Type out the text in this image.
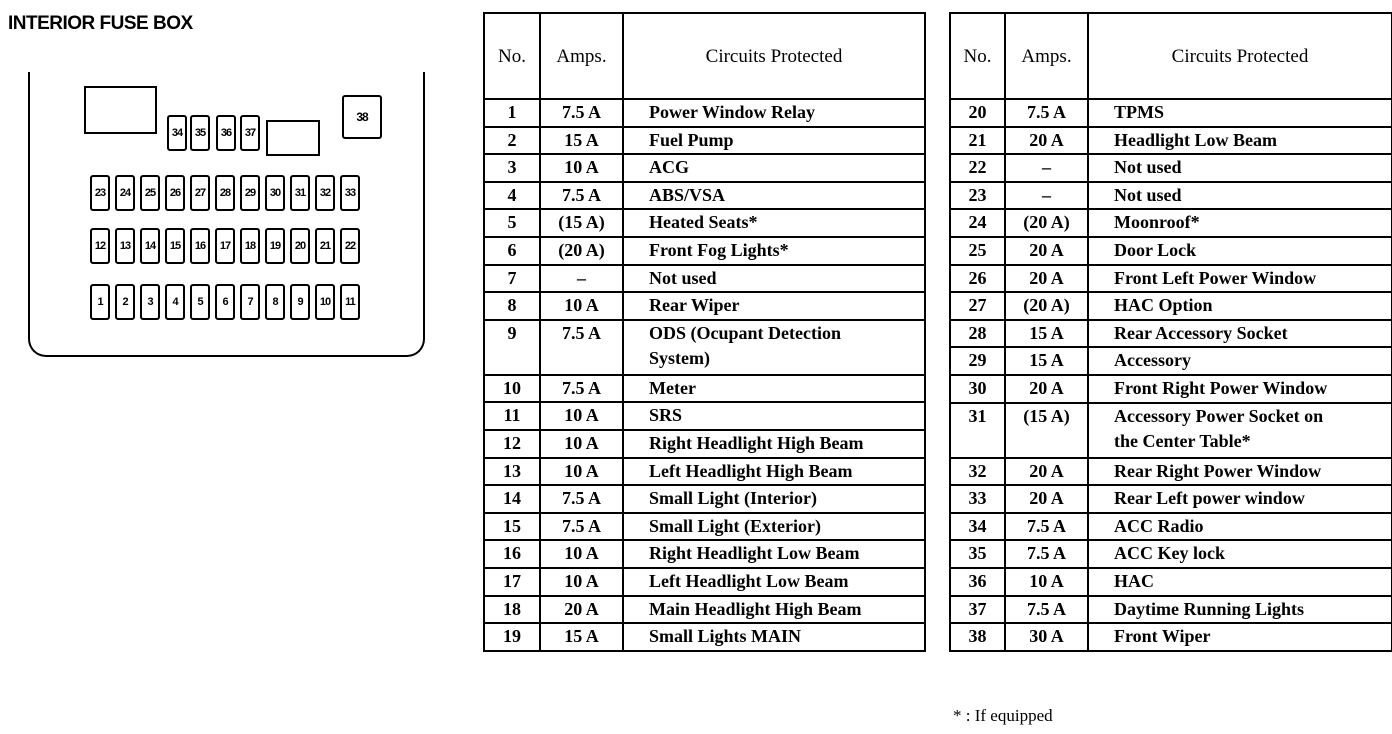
INTERIOR FUSE BOX
38
34	35	36	37
23	24	25	26	27	28	29	30	31	32	33
12	13	14	15	16	17	18	19	20	21	22
1	2	3	4	5	6	7	8	9	10	11
No.	Amps.	Circuits Protected
1	7.5 A	Power Window Relay
2	15 A	Fuel Pump
3	10 A	ACG
4	7.5 A	ABS/VSA
5	(15 A)	Heated Seats*
6	(20 A)	Front Fog Lights*
7	–	Not used
8	10 A	Rear Wiper
9	7.5 A	ODS (Ocupant Detection
System)

10	7.5 A	Meter
11	10 A	SRS
12	10 A	Right Headlight High Beam
13	10 A	Left Headlight High Beam
14	7.5 A	Small Light (Interior)
15	7.5 A	Small Light (Exterior)
16	10 A	Right Headlight Low Beam
17	10 A	Left Headlight Low Beam
18	20 A	Main Headlight High Beam
19	15 A	Small Lights MAIN
No.	Amps.	Circuits Protected
20	7.5 A	TPMS
21	20 A	Headlight Low Beam
22	–	Not used
23	–	Not used
24	(20 A)	Moonroof*
25	20 A	Door Lock
26	20 A	Front Left Power Window
27	(20 A)	HAC Option
28	15 A	Rear Accessory Socket
29	15 A	Accessory
30	20 A	Front Right Power Window
31	(15 A)	Accessory Power Socket on
the Center Table*

32	20 A	Rear Right Power Window
33	20 A	Rear Left power window
34	7.5 A	ACC Radio
35	7.5 A	ACC Key lock
36	10 A	HAC
37	7.5 A	Daytime Running Lights
38	30 A	Front Wiper
* : If equipped
